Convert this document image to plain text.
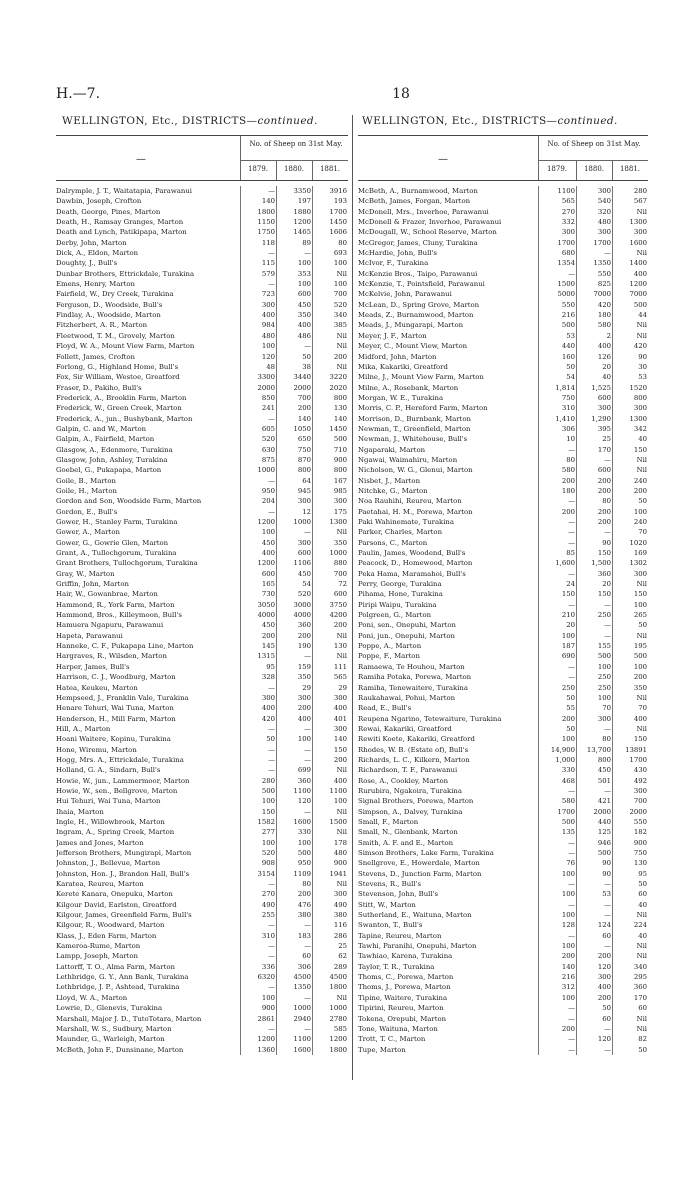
H.—7.	18
WELLINGTON, Etc., DISTRICTS—continued.
—
No. of Sheep on 31st May.
1879.	1880.	1881.
Dalrymple, J. T., Waitatapia, Parawanui	—	3350	3916
Dawbin, Joseph, Crofton	140	197	193
Death, George, Pines, Marton	1800	1880	1700
Death, H., Ramsay Granges, Marton	1150	1200	1450
Death and Lynch, Patikipapa, Marton	1750	1465	1606
Derby, John, Marton	118	89	80
Dick, A., Eldon, Marton	—	—	693
Doughty, J., Bull's	115	100	100
Dunbar Brothers, Ettrickdale, Turakina	579	353	Nil
Emens, Henry, Marton	—	100	100
Fairfield, W., Dry Creek, Turakina	723	600	700
Ferguson, D., Woodside, Bull's	300	450	520
Findlay, A., Woodside, Marton	400	350	340
Fitzherbert, A. R., Marton	984	400	385
Fleetwood, T. M., Grovely, Marton	480	486	Nil
Floyd, W. A., Mount View Farm, Marton	100	—	Nil
Follett, James, Crofton	120	50	200
Forlong, G., Highland Home, Bull's	48	38	Nil
Fox, Sir William, Westoe, Greatford	3300	3440	3220
Fraser, D., Pakiho, Bull's	2000	2000	2020
Frederick, A., Brooklin Farm, Marton	850	700	800
Frederick, W., Green Creek, Marton	241	200	130
Frederick, A., jun., Bushybank, Marton	—	140	140
Galpin, C. and W., Marton	605	1050	1450
Galpin, A., Fairfield, Marton	520	650	500
Glasgow, A., Edenmore, Turakina	630	750	710
Glasgow, John, Ashley, Turakina	875	870	900
Goebel, G., Pukapapa, Marton	1000	800	800
Goile, B., Marton	—	64	167
Goile, H., Marton	950	945	985
Gordon and Son, Woodside Farm, Marton	204	300	300
Gordon, E., Bull's	—	12	175
Gower, H., Stanley Farm, Turakina	1200	1000	1300
Gower, A., Marton	100	—	Nil
Gower, G., Gowrie Glen, Marton	450	300	350
Grant, A., Tullochgorum, Turakina	400	600	1000
Grant Brothers, Tullochgorum, Turakina	1200	1106	880
Gray, W., Marton	600	450	700
Griffin, John, Marton	165	54	72
Hair, W., Gowanbrae, Marton	730	520	600
Hammond, R., York Farm, Marton	3050	3000	3750
Hammond, Bros., Killeymoon, Bull's	4000	4000	4200
Hamuera Ngapuru, Parawanui	450	360	200
Hapeta, Parawanui	200	200	Nil
Hanneke, C. F., Pukapapa Line, Marton	145	190	130
Hargraves, R., Wilsden, Marton	1315	—	Nil
Harper, James, Bull's	95	159	111
Harrison, C. J., Woodburg, Marton	328	350	565
Hatea, Keukeu, Marton	—	29	29
Hempseed, J., Franklin Vale, Turakina	300	300	300
Henare Tehuri, Wai Tuna, Marton	400	200	400
Henderson, H., Mill Farm, Marton	420	400	401
Hill, A., Marton	—	—	300
Hoani Waitere, Kopinu, Turakina	50	100	140
Hone, Wiremu, Marton	—	—	150
Hogg, Mrs. A., Ettrickdale, Turakina	—	—	200
Holland, G. A., Sindarn, Bull's	—	699	Nil
Howie, W., jun., Lammermoor, Marton	280	360	400
Howie, W., sen., Bellgrove, Marton	500	1100	1100
Hui Tehuri, Wai Tuna, Marton	100	120	100
Ihaia, Marton	150	—	Nil
Ingle, H., Willowbrook, Marton	1582	1600	1500
Ingram, A., Spring Creek, Marton	277	330	Nil
James and Jones, Marton	100	100	178
Jefferson Brothers, Mungirapi, Marton	520	500	480
Johnston, J., Bellevue, Marton	908	950	900
Johnston, Hon. J., Brandon Hall, Bull's	3154	1109	1941
Karatea, Reureu, Marton	—	80	Nil
Kerete Kanara, Onepuku, Marton	270	200	300
Kilgour David, Earlston, Greatford	490	476	490
Kilgour, James, Greenfield Farm, Bull's	255	380	380
Kilgour, R., Woodward, Marton	—	—	116
Klass, J., Eden Farm, Marton	310	183	286
Kameroa-Rume, Marton	—	—	25
Lampp, Joseph, Marton	—	60	62
Lattorff, T. O., Alma Farm, Marton	336	306	289
Lethbridge, G. Y., Ann Bank, Turakina	6320	4500	4500
Lethbridge, J. P., Ashtead, Turakina	—	1350	1800
Lloyd, W. A., Marton	100	—	Nil
Lowrie, D., Glenevis, Turakina	900	1000	1000
Marshall, Major J. D., TutoTotara, Marton	2861	2940	2780
Marshall, W. S., Sudbury, Marton	—	—	585
Maunder, G., Warleigh, Marton	1200	1100	1200
McBeth, John F., Dunsinane, Marton	1360	1600	1800
WELLINGTON, Etc., DISTRICTS—continued.
—
No. of Sheep on 31st May.
1879.	1880.	1881.
McBeth, A., Burnamwood, Marton	1100	300	280
McBeth, James, Forgan, Marton	565	540	567
McDonell, Mrs., Inverhoe, Parawanui	270	320	Nil
McDonell & Frazer, Inverhoe, Parawanui	332	480	1300
McDougall, W., School Reserve, Marton	300	300	300
McGregor, James, Cluny, Turakina	1700	1700	1600
McHardie, John, Bull's	680	—	Nil
McIvor, F., Turakina	1354	1350	1400
McKenzie Bros., Taipo, Parawanui	—	550	400
McKenzie, T., Pointsfield, Parawanui	1500	825	1200
McKelvie, John, Parawanui	5000	7000	7000
McLean, D., Spring Grove, Marton	550	420	500
Meads, Z., Burnamwood, Marton	216	180	44
Meads, J., Mungarapi, Marton	500	580	Nil
Meyer, J. F., Marton	53	2	Nil
Meyer, C., Mount View, Marton	440	400	420
Midford, John, Marton	160	126	90
Mika, Kakariki, Greatford	50	20	30
Milne, J., Mount View Farm, Marton	54	40	53
Milne, A., Rosebank, Marton	1,814	1,525	1520
Morgan, W. E., Turakina	750	600	800
Morris, C. P., Hereford Farm, Marton	310	300	300
Morrison, D., Burnbank, Marton	1,410	1,290	1300
Newman, T., Greenfield, Marton	306	395	342
Newman, J., Whitehouse, Bull's	10	25	40
Ngaparaki, Marton	—	170	150
Ngawai, Waimahiru, Marton	80	—	Nil
Nicholson, W. G., Glenui, Marton	580	600	Nil
Nisbet, J., Marton	200	200	240
Nitchke, G., Marton	180	200	200
Noa Rauhihi, Reureu, Marton	—	80	50
Paetahai, H. M., Porewa, Marton	200	200	100
Paki Wahinemate, Turakina	—	200	240
Parker, Charles, Marton	—	—	70
Parsons, C., Marton	—	90	1020
Paulin, James, Woodend, Bull's	85	150	169
Peacock, D., Homewood, Marton	1,600	1,500	1302
Peka Hama, Maramahoi, Bull's	—	360	300
Perry, George, Turakina	24	20	Nil
Pihama, Hone, Turakina	150	150	150
Piripi Waipu, Turakina	—	—	100
Polgreen, G., Marton	210	250	265
Poni, sen., Onepuhi, Marton	20	—	50
Poni, jun., Onepuhi, Marton	100	—	Nil
Poppe, A., Marton	187	155	195
Poppe, F., Marton	690	500	500
Ramaewa, Te Houhou, Marton	—	100	100
Ramiha Potaka, Porewa, Marton	—	250	200
Ramiha, Tenewaitere, Turakina	250	250	350
Raukahawai, Pohui, Marton	50	100	Nil
Read, E., Bull's	55	70	70
Reupena Ngarino, Tetewaiture, Turakina	200	300	400
Rewai, Kakariki, Greatford	50	—	Nil
Rewiti Koete, Kakariki, Greatford	100	80	150
Rhodes, W. B. (Estate of), Bull's	14,900	13,700	13891
Richards, L. C., Kilkern, Marton	1,000	800	1700
Richardson, T. F., Parawanui	330	450	430
Rose, A., Cookley, Marton	468	501	492
Rurubira, Ngakoira, Turakina	—	—	300
Signal Brothers, Porewa, Marton	580	421	700
Simpson, A., Dalvey, Turakina	1700	2000	2000
Small, F., Marton	500	440	550
Small, N., Glenbank, Marton	135	125	182
Smith, A. F. and E., Marton	—	946	900
Simson Brothers, Lake Farm, Turakina	—	500	750
Snellgrove, E., Howerdale, Marton	76	90	130
Stevens, D., Junction Farm, Marton	100	90	95
Stevens, R., Bull's	—	—	50
Stevenson, John, Bull's	100	53	60
Stitt, W., Marton	—	—	40
Sutherland, E., Waituna, Marton	100	—	Nil
Swanton, T., Bull's	128	124	224
Tapine, Reureu, Marton	—	60	40
Tawhi, Paranihi, Onepuhi, Marton	100	—	Nil
Tawhiao, Karena, Turakina	200	200	Nil
Taylor, T. R., Turakina	140	120	340
Thoms, C., Porewa, Marton	216	300	295
Thoms, J., Porewa, Marton	312	400	360
Tipine, Waitere, Turakina	100	200	170
Tipirini, Reureu, Marton	—	50	60
Tokena, Orepubi, Marton	—	60	Nil
Tone, Waituna, Marton	200	—	Nil
Trott, T. C., Marton	—	120	82
Tupe, Marton	—	—	50
